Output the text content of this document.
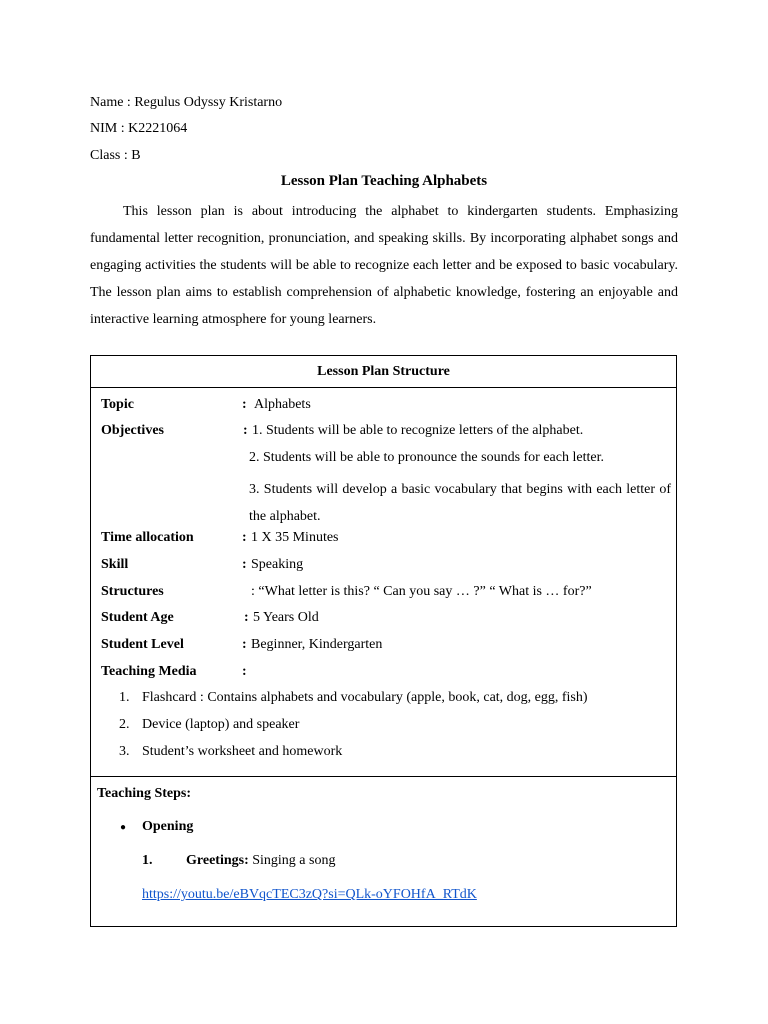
Name : Regulus Odyssy Kristarno
NIM : K2221064
Class : B
Lesson Plan Teaching Alphabets

This lesson plan is about introducing the alphabet to kindergarten students. Emphasizing fundamental letter recognition, pronunciation, and speaking skills. By incorporating alphabet songs and engaging activities the students will be able to recognize each letter and be exposed to basic vocabulary. The lesson plan aims to establish comprehension of alphabetic knowledge, fostering an enjoyable and interactive learning atmosphere for young learners.

Lesson Plan Structure
Topic	: Alphabets
Objectives	: 1. Students will be able to recognize letters of the alphabet.
2. Students will be able to pronounce the sounds for each letter.
3. Students will develop a basic vocabulary that begins with each letter of the alphabet.
Time allocation	: 1 X 35 Minutes
Skill	: Speaking
Structures	: “What letter is this? “ Can you say … ?” “ What is … for?”
Student Age	: 5 Years Old
Student Level	: Beginner, Kindergarten
Teaching Media	:
1. Flashcard : Contains alphabets and vocabulary (apple, book, cat, dog, egg, fish)
2. Device (laptop) and speaker
3. Student’s worksheet and homework
Teaching Steps:
● Opening
1. Greetings: Singing a song
https://youtu.be/eBVqcTEC3zQ?si=QLk-oYFOHfA_RTdK
